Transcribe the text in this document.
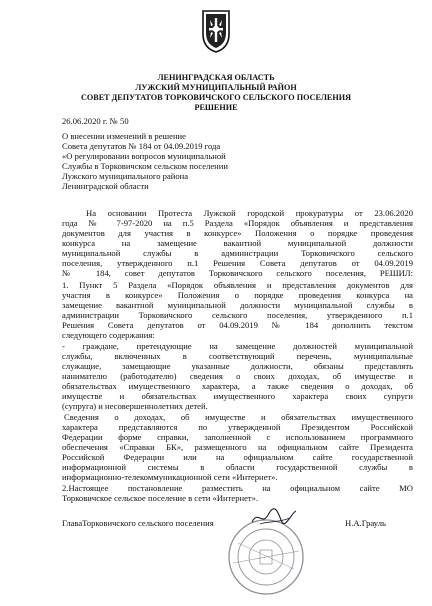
ЛЕНИНГРАДСКАЯ ОБЛАСТЬ
ЛУЖСКИЙ МУНИЦИПАЛЬНЫЙ РАЙОН
СОВЕТ ДЕПУТАТОВ ТОРКОВИЧСКОГО СЕЛЬСКОГО ПОСЕЛЕНИЯ
РЕШЕНИЕ
26.06.2020 г. № 50
О внесении изменений в решение
Совета депутатов № 184 от 04.09.2019 года
«О регулировании вопросов муниципальной
Службы в Торковичском сельском поселении
Лужского муниципального района
Ленинградской области
На основании Протеста Лужской городской прокуратуры от 23.06.2020
года № 7-97-2020 на п.5 Раздела «Порядок объявления и представления
документов для участия в конкурсе» Положения о порядке проведения
конкурса на замещение вакантной муниципальной должности
муниципальной службы в администрации Торковичского сельского
поселения, утвержденного п.1 Решения Совета депутатов от 04.09.2019
№ 184, совет депутатов Торковичского сельского поселения, РЕШИЛ:
1. Пункт 5 Раздела «Порядок объявления и представления документов для
участия в конкурсе» Положения о порядке проведения конкурса на
замещение вакантной муниципальной должности муниципальной службы в
администрации Торковичского сельского поселения, утвержденного п.1
Решения Совета депутатов от 04.09.2019 № 184 дополнить текстом
следующего содержания:
- граждане, претендующие на замещение должностей муниципальной
службы, включенных в соответствующий перечень, муниципальные
служащие, замещающие указанные должности, обязаны представлять
нанимателю (работодателю) сведения о своих доходах, об имуществе и
обязательствах имущественного характера, а также сведения о доходах, об
имуществе и обязательствах имущественного характера своих супруги
(супруга) и несовершеннолетних детей.
Сведения о доходах, об имуществе и обязательствах имущественного
характера представляются по утвержденной Президентом Российской
Федерации форме справки, заполненной с использованием программного
обеспечения «Справки БК», размещенного на официальном сайте Президента
Российской Федерации или на официальном сайте государственной
информационной системы в области государственной службы в
информационно-телекоммуникационной сети «Интернет».
2.Настоящее постановление разместить на официальном сайте МО
Торковичское сельское поселение в сети «Интернет».
ГлаваТорковичского сельского поселения	Н.А.Грауль
